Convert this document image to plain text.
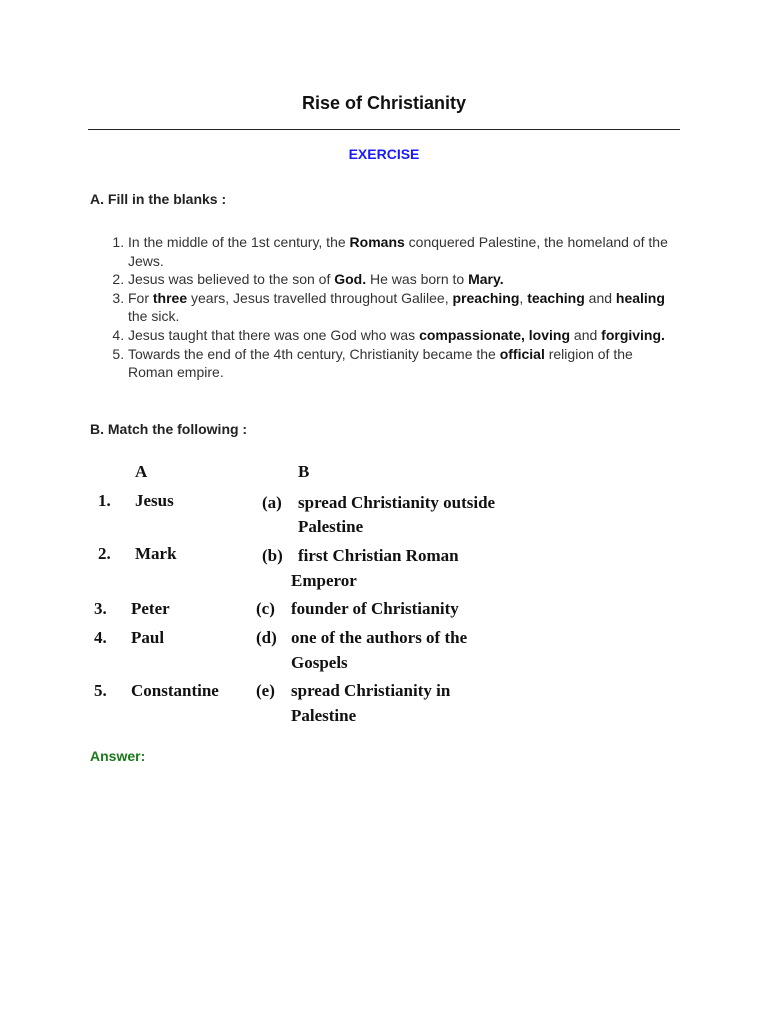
Rise of Christianity
EXERCISE
A. Fill in the blanks :
1. In the middle of the 1st century, the Romans conquered Palestine, the homeland of the Jews.
2. Jesus was believed to the son of God. He was born to Mary.
3. For three years, Jesus travelled throughout Galilee, preaching, teaching and healing the sick.
4. Jesus taught that there was one God who was compassionate, loving and forgiving.
5. Towards the end of the 4th century, Christianity became the official religion of the Roman empire.
B. Match the following :
A	B
1. Jesus	(a) spread Christianity outside
Palestine
2. Mark	(b) first Christian Roman
Emperor
3. Peter	(c) founder of Christianity
4. Paul	(d) one of the authors of the
Gospels
5. Constantine (e) spread Christianity in
Palestine
Answer:
